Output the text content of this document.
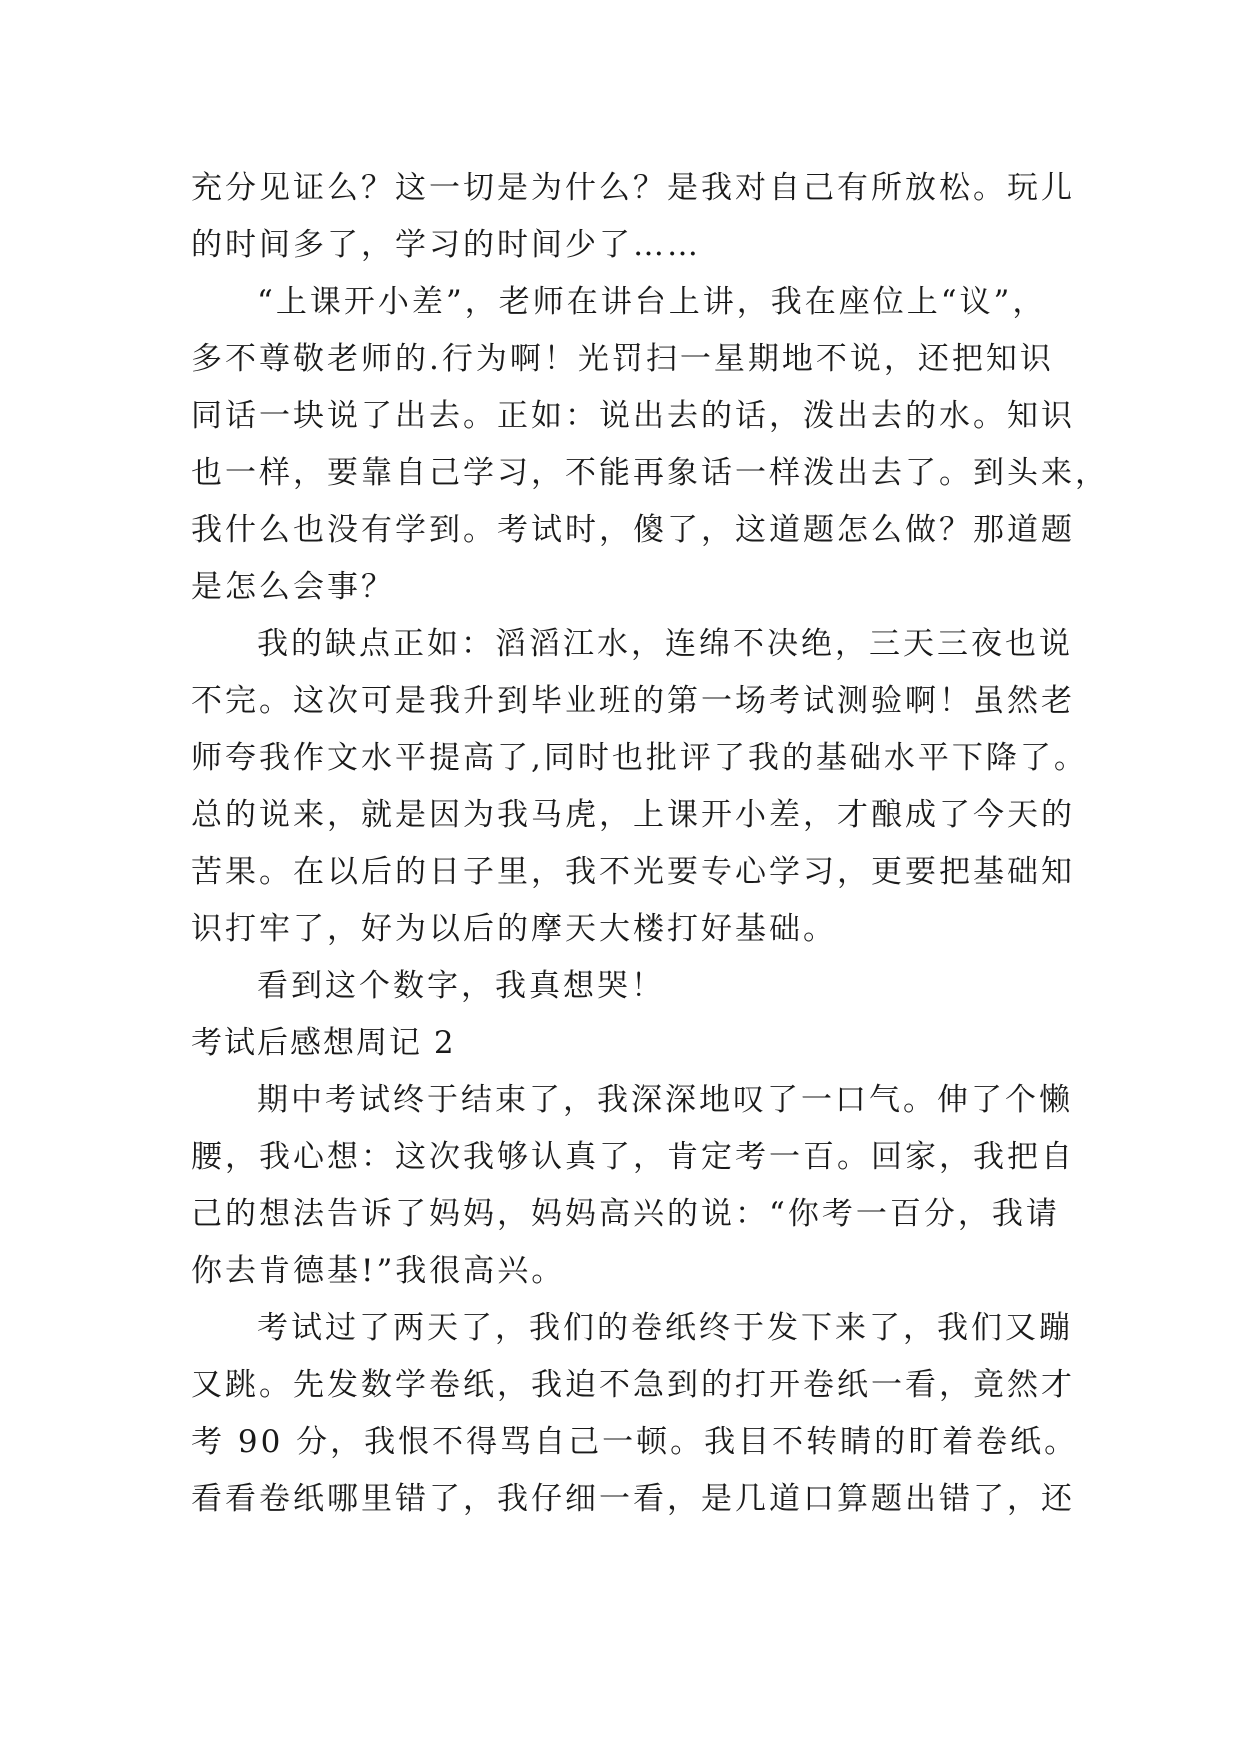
充分见证么？这一切是为什么？是我对自己有所放松。玩儿
的时间多了，学习的时间少了……
“上课开小差”，老师在讲台上讲，我在座位上“议”，
多不尊敬老师的.行为啊！光罚扫一星期地不说，还把知识
同话一块说了出去。正如：说出去的话，泼出去的水。知识
也一样，要靠自己学习，不能再象话一样泼出去了。到头来，
我什么也没有学到。考试时，傻了，这道题怎么做？那道题
是怎么会事？
我的缺点正如：滔滔江水，连绵不决绝，三天三夜也说
不完。这次可是我升到毕业班的第一场考试测验啊！虽然老
师夸我作文水平提高了,同时也批评了我的基础水平下降了。
总的说来，就是因为我马虎，上课开小差，才酿成了今天的
苦果。在以后的日子里，我不光要专心学习，更要把基础知
识打牢了，好为以后的摩天大楼打好基础。
看到这个数字，我真想哭！
考试后感想周记 2
期中考试终于结束了，我深深地叹了一口气。伸了个懒
腰，我心想：这次我够认真了，肯定考一百。回家，我把自
己的想法告诉了妈妈，妈妈高兴的说：“你考一百分，我请
你去肯德基!”我很高兴。
考试过了两天了，我们的卷纸终于发下来了，我们又蹦
又跳。先发数学卷纸，我迫不急到的打开卷纸一看，竟然才
考 90 分，我恨不得骂自己一顿。我目不转睛的盯着卷纸。
看看卷纸哪里错了，我仔细一看，是几道口算题出错了，还
